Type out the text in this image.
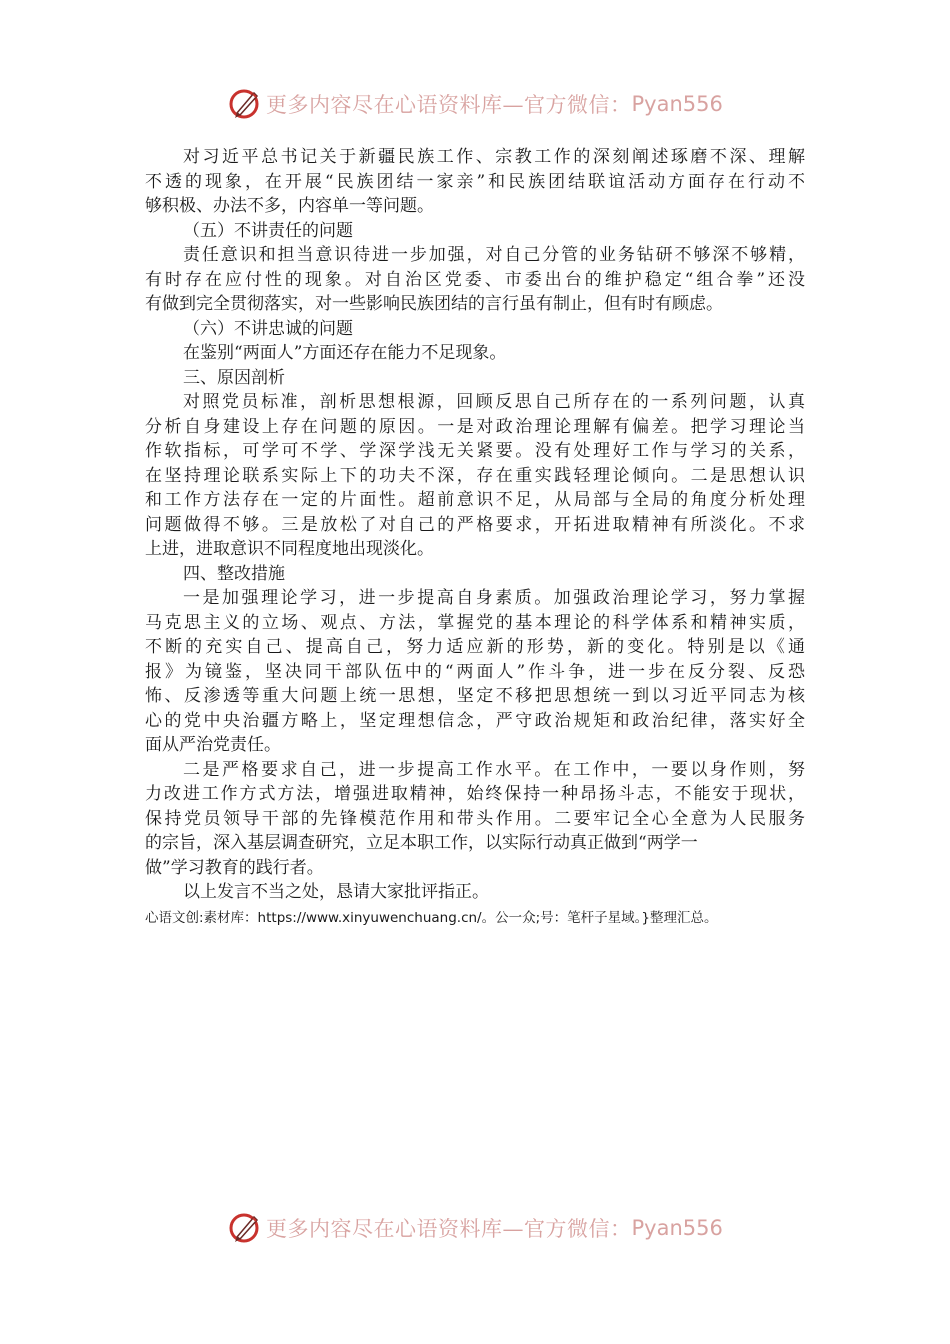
更多内容尽在心语资料库—官方微信： Pyan556
对习近平总书记关于新疆民族工作、宗教工作的深刻阐述琢磨不深、理解
不透的现象，在开展“民族团结一家亲”和民族团结联谊活动方面存在行动不
够积极、办法不多，内容单一等问题。
（五）不讲责任的问题
责任意识和担当意识待进一步加强，对自己分管的业务钻研不够深不够精，
有时存在应付性的现象。对自治区党委、市委出台的维护稳定“组合拳”还没
有做到完全贯彻落实，对一些影响民族团结的言行虽有制止，但有时有顾虑。
（六）不讲忠诚的问题
在鉴别“两面人”方面还存在能力不足现象。
三、原因剖析
对照党员标准，剖析思想根源，回顾反思自己所存在的一系列问题，认真
分析自身建设上存在问题的原因。一是对政治理论理解有偏差。把学习理论当
作软指标，可学可不学、学深学浅无关紧要。没有处理好工作与学习的关系，
在坚持理论联系实际上下的功夫不深，存在重实践轻理论倾向。二是思想认识
和工作方法存在一定的片面性。超前意识不足，从局部与全局的角度分析处理
问题做得不够。三是放松了对自己的严格要求，开拓进取精神有所淡化。不求
上进，进取意识不同程度地出现淡化。
四、整改措施
一是加强理论学习，进一步提高自身素质。加强政治理论学习，努力掌握
马克思主义的立场、观点、方法，掌握党的基本理论的科学体系和精神实质，
不断的充实自己、提高自己，努力适应新的形势，新的变化。特别是以《通
报》为镜鉴，坚决同干部队伍中的“两面人”作斗争，进一步在反分裂、反恐
怖、反渗透等重大问题上统一思想，坚定不移把思想统一到以习近平同志为核
心的党中央治疆方略上，坚定理想信念，严守政治规矩和政治纪律，落实好全
面从严治党责任。
二是严格要求自己，进一步提高工作水平。在工作中，一要以身作则，努
力改进工作方式方法，增强进取精神，始终保持一种昂扬斗志，不能安于现状，
保持党员领导干部的先锋模范作用和带头作用。二要牢记全心全意为人民服务
的宗旨，深入基层调查研究，立足本职工作，以实际行动真正做到“两学一
做”学习教育的践行者。
以上发言不当之处，恳请大家批评指正。
心语文创:素材库：https://www.xinyuwenchuang.cn/。公一众;号：笔杆子星域。}整理汇总。
更多内容尽在心语资料库—官方微信： Pyan556
